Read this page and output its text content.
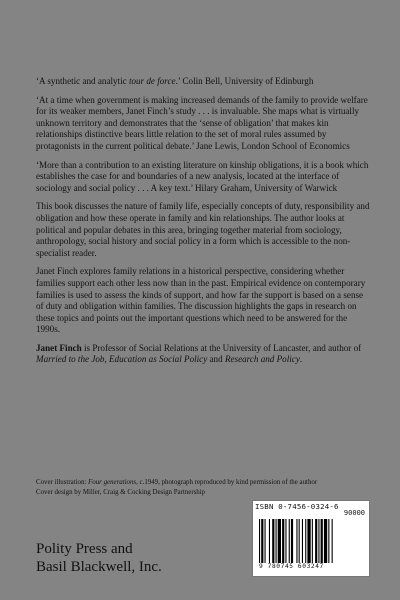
‘A synthetic and analytic tour de force.’ Colin Bell, University of Edinburgh

‘At a time when government is making increased demands of the family to provide welfare for its weaker members, Janet Finch’s study . . . is invaluable. She maps what is virtually unknown territory and demonstrates that the ‘sense of obligation’ that makes kin relationships distinctive bears little relation to the set of moral rules assumed by protagonists in the current political debate.’ Jane Lewis, London School of Economics

‘More than a contribution to an existing literature on kinship obligations, it is a book which establishes the case for and boundaries of a new analysis, located at the interface of sociology and social policy . . . A key text.’ Hilary Graham, University of Warwick

This book discusses the nature of family life, especially concepts of duty, responsibility and obligation and how these operate in family and kin relationships. The author looks at political and popular debates in this area, bringing together material from sociology, anthropology, social history and social policy in a form which is accessible to the non-specialist reader.

Janet Finch explores family relations in a historical perspective, considering whether families support each other less now than in the past. Empirical evidence on contemporary families is used to assess the kinds of support, and how far the support is based on a sense of duty and obligation within families. The discussion highlights the gaps in research on these topics and points out the important questions which need to be answered for the 1990s.

Janet Finch is Professor of Social Relations at the University of Lancaster, and author of Married to the Job, Education as Social Policy and Research and Policy.

Cover illustration: Four generations, c.1949, photograph reproduced by kind permission of the author

Cover design by Miller, Craig & Cocking Design Partnership

Polity Press and
Basil Blackwell, Inc.
ISBN 0-7456-0324-6
90000
9 780745 603247
